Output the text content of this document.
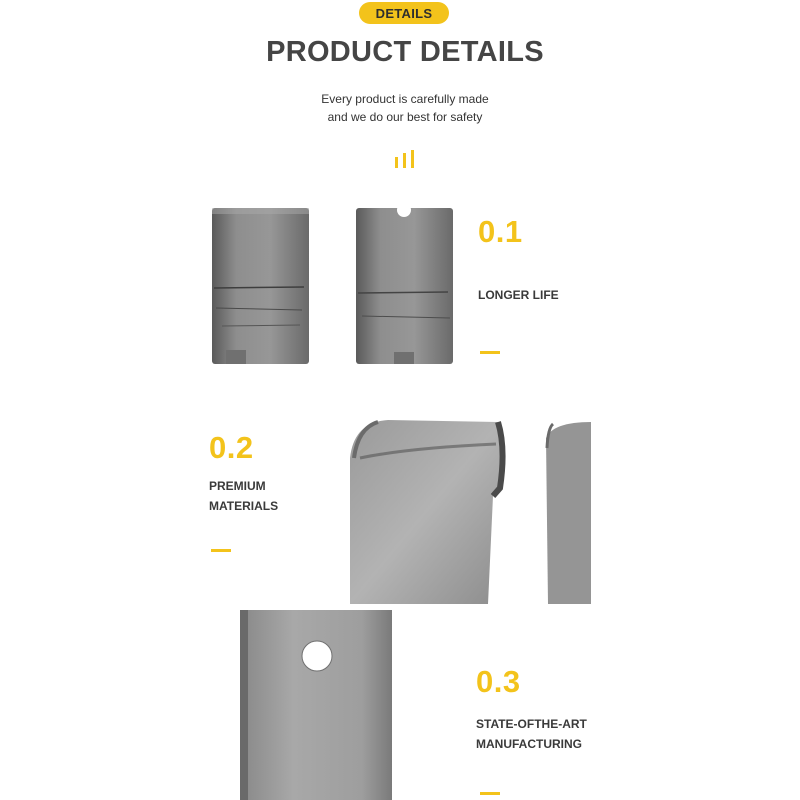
DETAILS
PRODUCT DETAILS
Every product is carefully made
and we do our best for safety
0.1
LONGER LIFE
0.2
PREMIUM
MATERIALS
0.3
STATE-OFTHE-ART
MANUFACTURING
